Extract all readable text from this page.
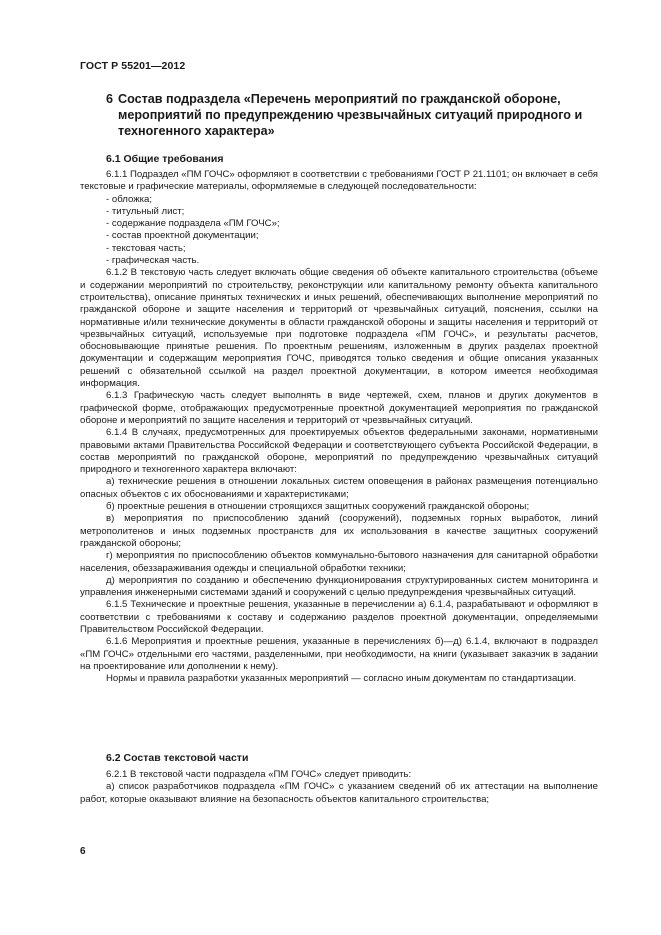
ГОСТ Р 55201—2012
6 Состав подраздела «Перечень мероприятий по гражданской обороне, мероприятий по предупреждению чрезвычайных ситуаций природного и техногенного характера»
6.1 Общие требования

6.1.1 Подраздел «ПМ ГОЧС» оформляют в соответствии с требованиями ГОСТ Р 21.1101; он включает в себя текстовые и графические материалы, оформляемые в следующей последовательности:

- обложка;

- титульный лист;

- содержание подраздела «ПМ ГОЧС»;

- состав проектной документации;

- текстовая часть;

- графическая часть.

6.1.2 В текстовую часть следует включать общие сведения об объекте капитального строительства (объеме и содержании мероприятий по строительству, реконструкции или капитальному ремонту объекта капитального строительства), описание принятых технических и иных решений, обеспечивающих выполнение мероприятий по гражданской обороне и защите населения и территорий от чрезвычайных ситуаций, пояснения, ссылки на нормативные и/или технические документы в области гражданской обороны и защиты населения и территорий от чрезвычайных ситуаций, используемые при подготовке подраздела «ПМ ГОЧС», и результаты расчетов, обосновывающие принятые решения. По проектным решениям, изложенным в других разделах проектной документации и содержащим мероприятия ГОЧС, приводятся только сведения и общие описания указанных решений с обязательной ссылкой на раздел проектной документации, в котором имеется необходимая информация.

6.1.3 Графическую часть следует выполнять в виде чертежей, схем, планов и других документов в графической форме, отображающих предусмотренные проектной документацией мероприятия по гражданской обороне и мероприятий по защите населения и территорий от чрезвычайных ситуаций.

6.1.4 В случаях, предусмотренных для проектируемых объектов федеральными законами, нормативными правовыми актами Правительства Российской Федерации и соответствующего субъекта Российской Федерации, в состав мероприятий по гражданской обороне, мероприятий по предупреждению чрезвычайных ситуаций природного и техногенного характера включают:

а) технические решения в отношении локальных систем оповещения в районах размещения потенциально опасных объектов с их обоснованиями и характеристиками;

б) проектные решения в отношении строящихся защитных сооружений гражданской обороны;

в) мероприятия по приспособлению зданий (сооружений), подземных горных выработок, линий метрополитенов и иных подземных пространств для их использования в качестве защитных сооружений гражданской обороны;

г) мероприятия по приспособлению объектов коммунально-бытового назначения для санитарной обработки населения, обеззараживания одежды и специальной обработки техники;

д) мероприятия по созданию и обеспечению функционирования структурированных систем мониторинга и управления инженерными системами зданий и сооружений с целью предупреждения чрезвычайных ситуаций.

6.1.5 Технические и проектные решения, указанные в перечислении а) 6.1.4, разрабатывают и оформляют в соответствии с требованиями к составу и содержанию разделов проектной документации, определяемыми Правительством Российской Федерации.

6.1.6 Мероприятия и проектные решения, указанные в перечислениях б)—д) 6.1.4, включают в подраздел «ПМ ГОЧС» отдельными его частями, разделенными, при необходимости, на книги (указывает заказчик в задании на проектирование или дополнении к нему).

Нормы и правила разработки указанных мероприятий — согласно иным документам по стандартизации.

6.2 Состав текстовой части

6.2.1 В текстовой части подраздела «ПМ ГОЧС» следует приводить:

а) список разработчиков подраздела «ПМ ГОЧС» с указанием сведений об их аттестации на выполнение работ, которые оказывают влияние на безопасность объектов капитального строительства;

6
